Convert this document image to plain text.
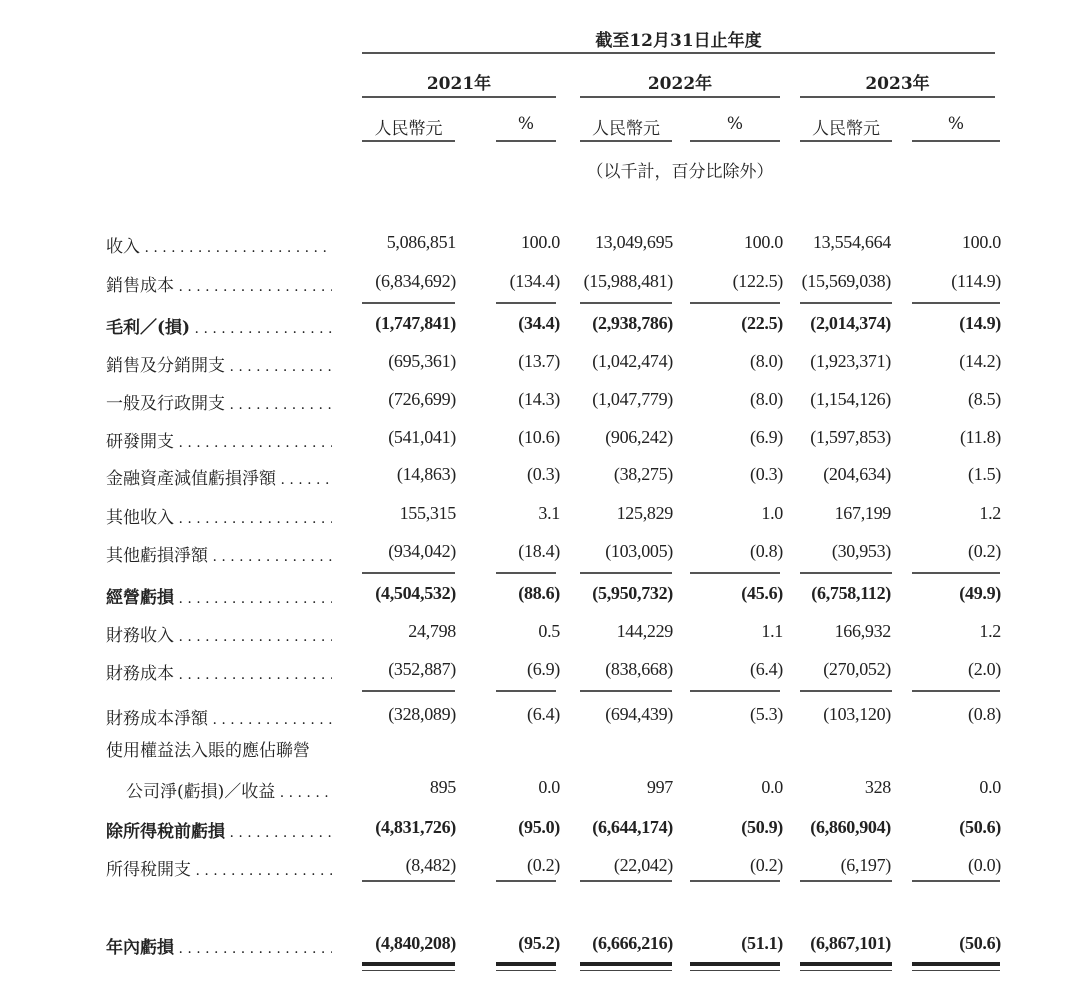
截至12月31日止年度
2021年	2022年	2023年
人民幣元	%	人民幣元	%	人民幣元	%
（以千計，百分比除外）
收入 . . .	5,086,851	100.0 13,049,695	100.0 13,554,664	100.0
銷售成本 . . .	(6,834,692)	(134.4) (15,988,481)	(122.5) (15,569,038)	(114.9)
毛利／(損) . . .	(1,747,841)	(34.4) (2,938,786)	(22.5) (2,014,374)	(14.9)
銷售及分銷開支 . . .	(695,361)	(13.7) (1,042,474)	(8.0) (1,923,371)	(14.2)
一般及行政開支 . . .	(726,699)	(14.3) (1,047,779)	(8.0) (1,154,126)	(8.5)
研發開支 . . .	(541,041)	(10.6)	(906,242)	(6.9) (1,597,853)	(11.8)
金融資產減值虧損淨額 . . .	(14,863)	(0.3)	(38,275)	(0.3) (204,634)	(1.5)
其他收入 . . .	155,315	3.1	125,829	1.0	167,199	1.2
其他虧損淨額 . . .	(934,042)	(18.4)	(103,005)	(0.8)	(30,953)	(0.2)
經營虧損 . . .	(4,504,532)	(88.6) (5,950,732)	(45.6) (6,758,112)	(49.9)
財務收入 . . .	24,798	0.5	144,229	1.1	166,932	1.2
財務成本 . . .	(352,887)	(6.9)	(838,668)	(6.4) (270,052)	(2.0)
財務成本淨額 . . .	(328,089)	(6.4)	(694,439)	(5.3) (103,120)	(0.8)
使用權益法入賬的應佔聯營
公司淨(虧損)／收益 . . .	895	0.0	997	0.0	328	0.0
除所得稅前虧損 . . .	(4,831,726)	(95.0) (6,644,174)	(50.9) (6,860,904)	(50.6)
所得稅開支 . . .	(8,482)	(0.2)	(22,042)	(0.2)	(6,197)	(0.0)
年內虧損 . . .	(4,840,208)	(95.2) (6,666,216)	(51.1) (6,867,101)	(50.6)
